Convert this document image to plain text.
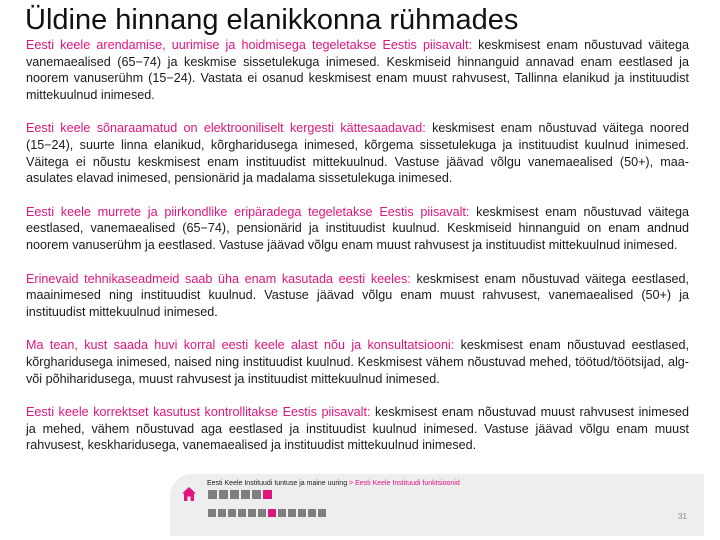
Üldine hinnang elanikkonna rühmades

Eesti keele arendamise, uurimise ja hoidmisega tegeletakse Eestis piisavalt: keskmisest enam nõustuvad väitega vanemaealised (65−74) ja keskmise sissetulekuga inimesed. Keskmiseid hinnanguid annavad enam eestlased ja noorem vanuserühm (15−24). Vastata ei osanud keskmisest enam muust rahvusest, Tallinna elanikud ja instituudist mittekuulnud inimesed.

Eesti keele sõnaraamatud on elektrooniliselt kergesti kättesaadavad: keskmisest enam nõustuvad väitega noored (15−24), suurte linna elanikud, kõrgharidusega inimesed, kõrgema sissetulekuga ja instituudist kuulnud inimesed. Väitega ei nõustu keskmisest enam instituudist mittekuulnud. Vastuse jäävad võlgu vanemaealised (50+), maa-asulates elavad inimesed, pensionärid ja madalama sissetulekuga inimesed.

Eesti keele murrete ja piirkondlike eripäradega tegeletakse Eestis piisavalt: keskmisest enam nõustuvad väitega eestlased, vanemaealised (65−74), pensionärid ja instituudist kuulnud. Keskmiseid hinnanguid on enam andnud noorem vanuserühm ja eestlased. Vastuse jäävad võlgu enam muust rahvusest ja instituudist mittekuulnud inimesed.

Erinevaid tehnikaseadmeid saab üha enam kasutada eesti keeles: keskmisest enam nõustuvad väitega eestlased, maainimesed ning instituudist kuulnud. Vastuse jäävad võlgu enam muust rahvusest, vanemaealised (50+) ja instituudist mittekuulnud inimesed.

Ma tean, kust saada huvi korral eesti keele alast nõu ja konsultatsiooni: keskmisest enam nõustuvad eestlased, kõrgharidusega inimesed, naised ning instituudist kuulnud. Keskmisest vähem nõustuvad mehed, töötud/töötsijad, alg- või põhiharidusega, muust rahvusest ja instituudist mittekuulnud inimesed.

Eesti keele korrektset kasutust kontrollitakse Eestis piisavalt: keskmisest enam nõustuvad muust rahvusest inimesed ja mehed, vähem nõustuvad aga eestlased ja instituudist kuulnud inimesed. Vastuse jäävad võlgu enam muust rahvusest, keskharidusega, vanemaealised ja instituudist mittekuulnud inimesed.

Eesti Keele Instituudi tuntuse ja maine uuring > Eesti Keele Instituudi funktsioonid
31
